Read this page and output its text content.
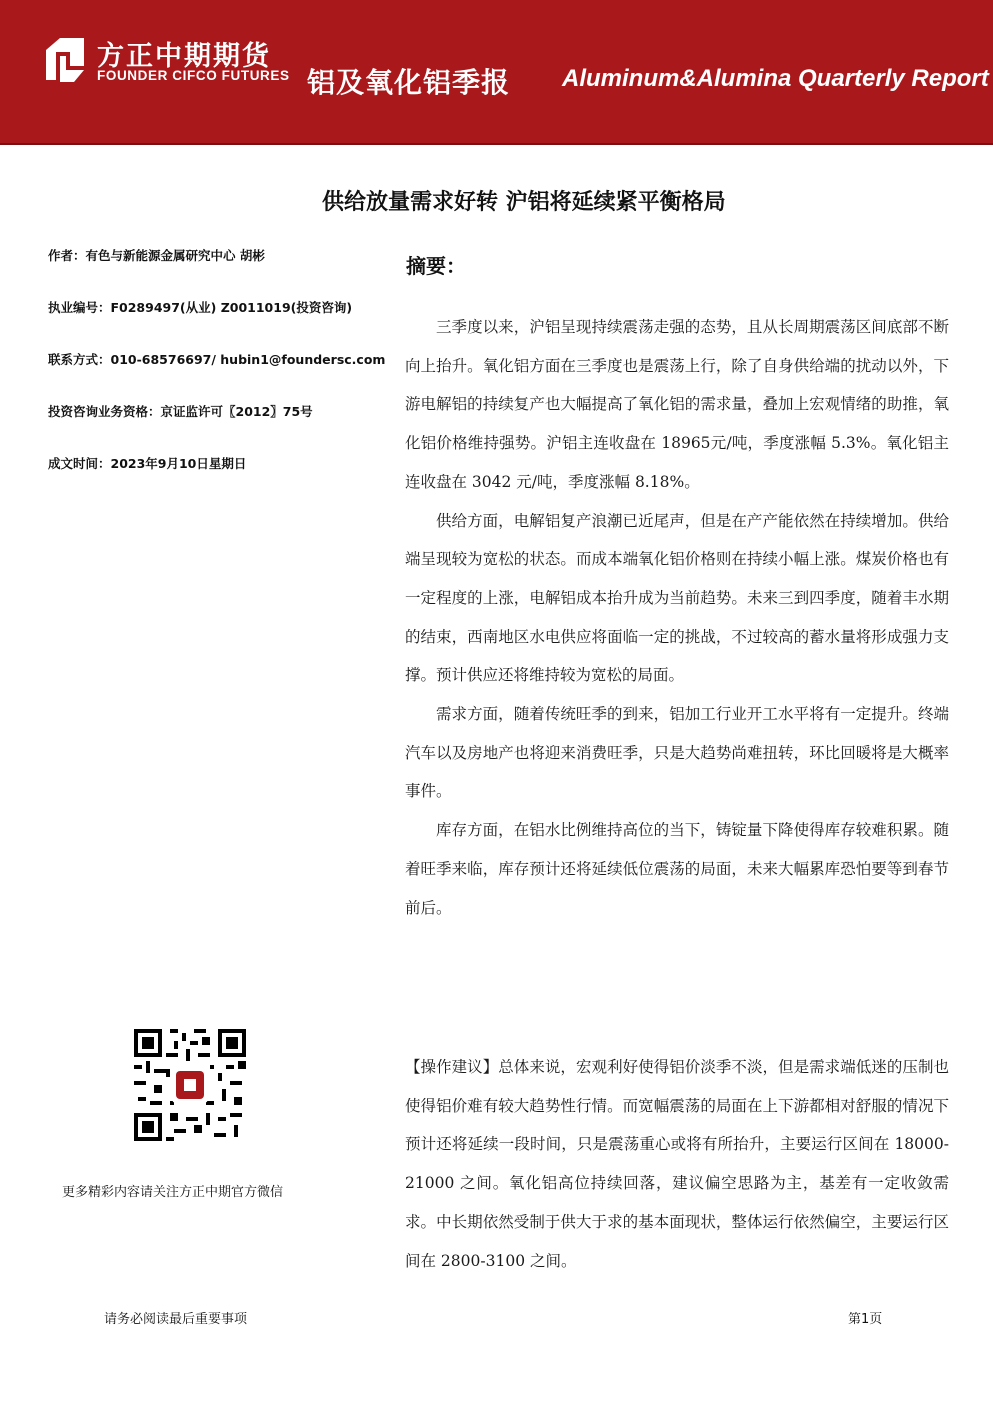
方正中期期货
FOUNDER CIFCO FUTURES 铝及氧化铝季报 Aluminum&Alumina Quarterly Report
供给放量需求好转 沪铝将延续紧平衡格局
作者：有色与新能源金属研究中心 胡彬
执业编号：F0289497(从业) Z0011019(投资咨询)
联系方式：010-68576697/ hubin1@foundersc.com
投资咨询业务资格：京证监许可〖2012〗75号
成文时间：2023年9月10日星期日
摘要：

三季度以来，沪铝呈现持续震荡走强的态势，且从长周期震荡区间底部不断向上抬升。氧化铝方面在三季度也是震荡上行，除了自身供给端的扰动以外，下游电解铝的持续复产也大幅提高了氧化铝的需求量，叠加上宏观情绪的助推，氧化铝价格维持强势。沪铝主连收盘在 18965元/吨，季度涨幅 5.3%。氧化铝主连收盘在 3042 元/吨，季度涨幅 8.18%。

供给方面，电解铝复产浪潮已近尾声，但是在产产能依然在持续增加。供给端呈现较为宽松的状态。而成本端氧化铝价格则在持续小幅上涨。煤炭价格也有一定程度的上涨，电解铝成本抬升成为当前趋势。未来三到四季度，随着丰水期的结束，西南地区水电供应将面临一定的挑战，不过较高的蓄水量将形成强力支撑。预计供应还将维持较为宽松的局面。

需求方面，随着传统旺季的到来，铝加工行业开工水平将有一定提升。终端汽车以及房地产也将迎来消费旺季，只是大趋势尚难扭转，环比回暖将是大概率事件。

库存方面，在铝水比例维持高位的当下，铸锭量下降使得库存较难积累。随着旺季来临，库存预计还将延续低位震荡的局面，未来大幅累库恐怕要等到春节前后。

【操作建议】总体来说，宏观利好使得铝价淡季不淡，但是需求端低迷的压制也使得铝价难有较大趋势性行情。而宽幅震荡的局面在上下游都相对舒服的情况下预计还将延续一段时间，只是震荡重心或将有所抬升，主要运行区间在 18000-21000 之间。氧化铝高位持续回落，建议偏空思路为主，基差有一定收敛需求。中长期依然受制于供大于求的基本面现状，整体运行依然偏空，主要运行区间在 2800-3100 之间。

更多精彩内容请关注方正中期官方微信
请务必阅读最后重要事项	第1页
